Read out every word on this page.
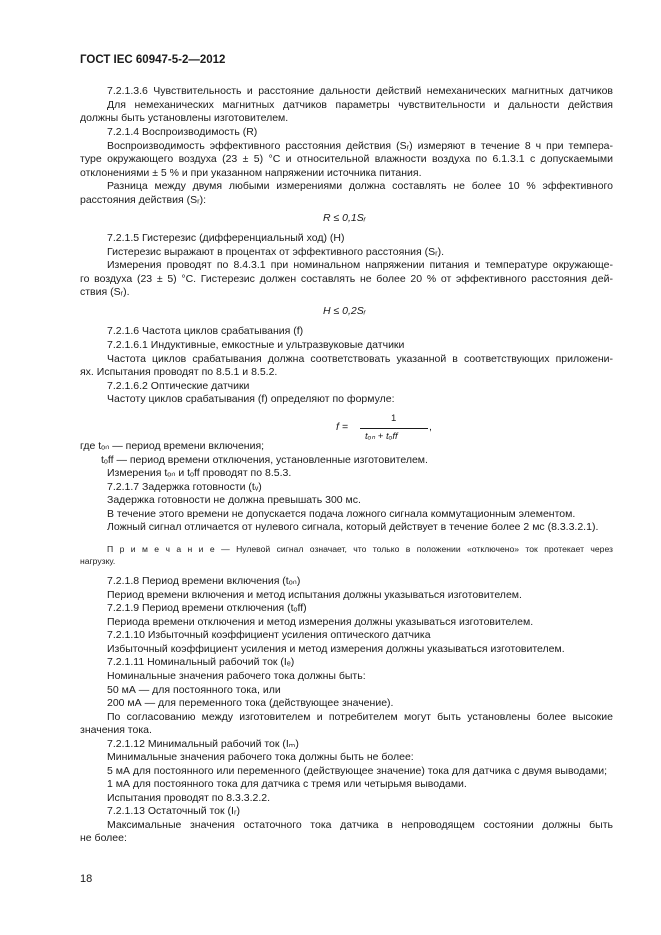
ГОСТ IEC 60947-5-2—2012
7.2.1.3.6 Чувствительность и расстояние дальности действий немеханических магнитных датчиков
Для немеханических магнитных датчиков параметры чувствительности и дальности действия
должны быть установлены изготовителем.
7.2.1.4 Воспроизводимость (R)
Воспроизводимость эффективного расстояния действия (Sᵣ) измеряют в течение 8 ч при темпера-
туре окружающего воздуха (23 ± 5) °С и относительной влажности воздуха по 6.1.3.1 с допускаемыми
отклонениями ± 5 % и при указанном напряжении источника питания.
Разница между двумя любыми измерениями должна составлять не более 10 % эффективного
расстояния действия (Sᵣ):
R ≤ 0,1Sᵣ
7.2.1.5 Гистерезис (дифференциальный ход) (Н)
Гистерезис выражают в процентах от эффективного расстояния (Sᵣ).
Измерения проводят по 8.4.3.1 при номинальном напряжении питания и температуре окружающе-
го воздуха (23 ± 5) °С. Гистерезис должен составлять не более 20 % от эффективного расстояния дей-
ствия (Sᵣ).
H ≤ 0,2Sᵣ
7.2.1.6 Частота циклов срабатывания (f)
7.2.1.6.1 Индуктивные, емкостные и ультразвуковые датчики
Частота циклов срабатывания должна соответствовать указанной в соответствующих приложени-
ях. Испытания проводят по 8.5.1 и 8.5.2.
7.2.1.6.2 Оптические датчики
Частоту циклов срабатывания (f) определяют по формуле:
f =
1
tₒₙ + tₒff
,
где tₒₙ — период времени включения;
tₒff — период времени отключения, установленные изготовителем.
Измерения tₒₙ и tₒff проводят по 8.5.3.
7.2.1.7 Задержка готовности (tᵥ)
Задержка готовности не должна превышать 300 мс.
В течение этого времени не допускается подача ложного сигнала коммутационным элементом.
Ложный сигнал отличается от нулевого сигнала, который действует в течение более 2 мс (8.3.3.2.1).
П р и м е ч а н и е — Нулевой сигнал означает, что только в положении «отключено» ток протекает через
нагрузку.
7.2.1.8 Период времени включения (tₒₙ)
Период времени включения и метод испытания должны указываться изготовителем.
7.2.1.9 Период времени отключения (tₒff)
Периода времени отключения и метод измерения должны указываться изготовителем.
7.2.1.10 Избыточный коэффициент усиления оптического датчика
Избыточный коэффициент усиления и метод измерения должны указываться изготовителем.
7.2.1.11 Номинальный рабочий ток (Iₑ)
Номинальные значения рабочего тока должны быть:
50 мА — для постоянного тока, или
200 мА — для переменного тока (действующее значение).
По согласованию между изготовителем и потребителем могут быть установлены более высокие
значения тока.
7.2.1.12 Минимальный рабочий ток (Iₘ)
Минимальные значения рабочего тока должны быть не более:
5 мА для постоянного или переменного (действующее значение) тока для датчика с двумя выводами;
1 мА для постоянного тока для датчика с тремя или четырьмя выводами.
Испытания проводят по 8.3.3.2.2.
7.2.1.13 Остаточный ток (Iᵣ)
Максимальные значения остаточного тока датчика в непроводящем состоянии должны быть
не более:
18
